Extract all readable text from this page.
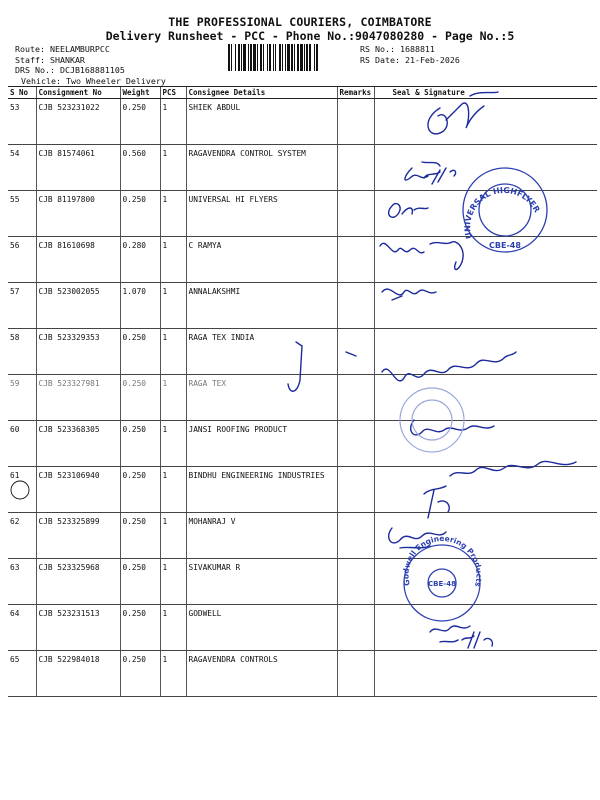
THE PROFESSIONAL COURIERS, COIMBATORE
Delivery Runsheet - PCC - Phone No.:9047080280 - Page No.:5
Route: NEELAMBURPCC
Staff: SHANKAR
DRS No.: DCJB168881105
Vehicle: Two Wheeler Delivery
RS No.: 1688811
RS Date: 21-Feb-2026
S No	Consignment No	Weight	PCS	Consignee Details	Remarks	Seal & Signature
53	CJB 523231022	0.250	1	SHIEK ABDUL		
54	CJB 81574061	0.560	1	RAGAVENDRA CONTROL SYSTEM		
55	CJB 81197800	0.250	1	UNIVERSAL HI FLYERS		
56	CJB 81610698	0.280	1	C RAMYA		
57	CJB 523002055	1.070	1	ANNALAKSHMI		
58	CJB 523329353	0.250	1	RAGA TEX INDIA		
59	CJB 523327981	0.250	1	RAGA TEX		
60	CJB 523368305	0.250	1	JANSI ROOFING PRODUCT		
61	CJB 523106940	0.250	1	BINDHU ENGINEERING INDUSTRIES		
62	CJB 523325899	0.250	1	MOHANRAJ V		
63	CJB 523325968	0.250	1	SIVAKUMAR R		
64	CJB 523231513	0.250	1	GODWELL		
65	CJB 522984018	0.250	1	RAGAVENDRA CONTROLS		
UNIVERSAL HIGHFLYER
CBE-48
Godwell Engineering Products
CBE-48
